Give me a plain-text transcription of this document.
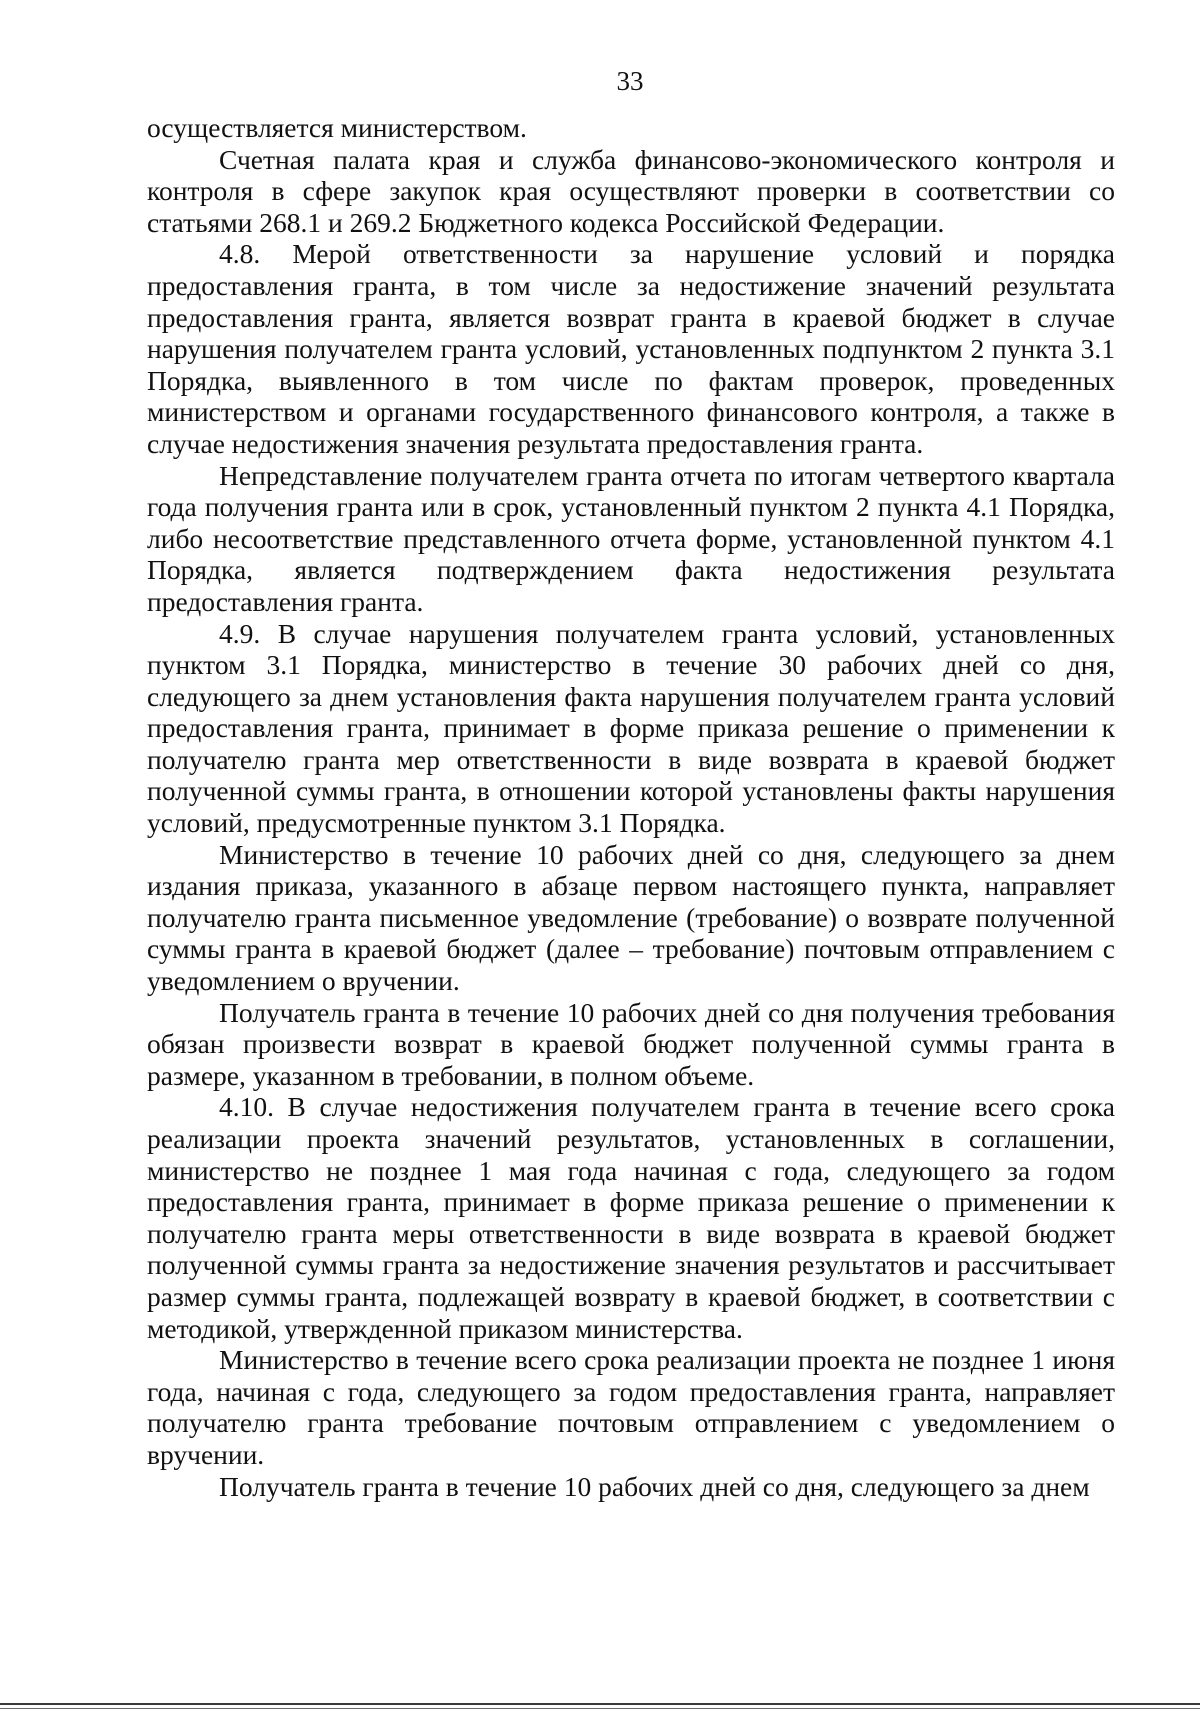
33

осуществляется министерством.

Счетная палата края и служба финансово-экономического контроля и контроля в сфере закупок края осуществляют проверки в соответствии со статьями 268.1 и 269.2 Бюджетного кодекса Российской Федерации.

4.8. Мерой ответственности за нарушение условий и порядка предоставления гранта, в том числе за недостижение значений результата предоставления гранта, является возврат гранта в краевой бюджет в случае нарушения получателем гранта условий, установленных подпунктом 2 пункта 3.1 Порядка, выявленного в том числе по фактам проверок, проведенных министерством и органами государственного финансового контроля, а также в случае недостижения значения результата предоставления гранта.

Непредставление получателем гранта отчета по итогам четвертого квартала года получения гранта или в срок, установленный пунктом 2 пункта 4.1 Порядка, либо несоответствие представленного отчета форме, установленной пунктом 4.1 Порядка, является подтверждением факта недостижения результата предоставления гранта.

4.9. В случае нарушения получателем гранта условий, установленных пунктом 3.1 Порядка, министерство в течение 30 рабочих дней со дня, следующего за днем установления факта нарушения получателем гранта условий предоставления гранта, принимает в форме приказа решение о применении к получателю гранта мер ответственности в виде возврата в краевой бюджет полученной суммы гранта, в отношении которой установлены факты нарушения условий, предусмотренные пунктом 3.1 Порядка.

Министерство в течение 10 рабочих дней со дня, следующего за днем издания приказа, указанного в абзаце первом настоящего пункта, направляет получателю гранта письменное уведомление (требование) о возврате полученной суммы гранта в краевой бюджет (далее – требование) почтовым отправлением с уведомлением о вручении.

Получатель гранта в течение 10 рабочих дней со дня получения требования обязан произвести возврат в краевой бюджет полученной суммы гранта в размере, указанном в требовании, в полном объеме.

4.10. В случае недостижения получателем гранта в течение всего срока реализации проекта значений результатов, установленных в соглашении, министерство не позднее 1 мая года начиная с года, следующего за годом предоставления гранта, принимает в форме приказа решение о применении к получателю гранта меры ответственности в виде возврата в краевой бюджет полученной суммы гранта за недостижение значения результатов и рассчитывает размер суммы гранта, подлежащей возврату в краевой бюджет, в соответствии с методикой, утвержденной приказом министерства.

Министерство в течение всего срока реализации проекта не позднее 1 июня года, начиная с года, следующего за годом предоставления гранта, направляет получателю гранта требование почтовым отправлением с уведомлением о вручении.

Получатель гранта в течение 10 рабочих дней со дня, следующего за днем
